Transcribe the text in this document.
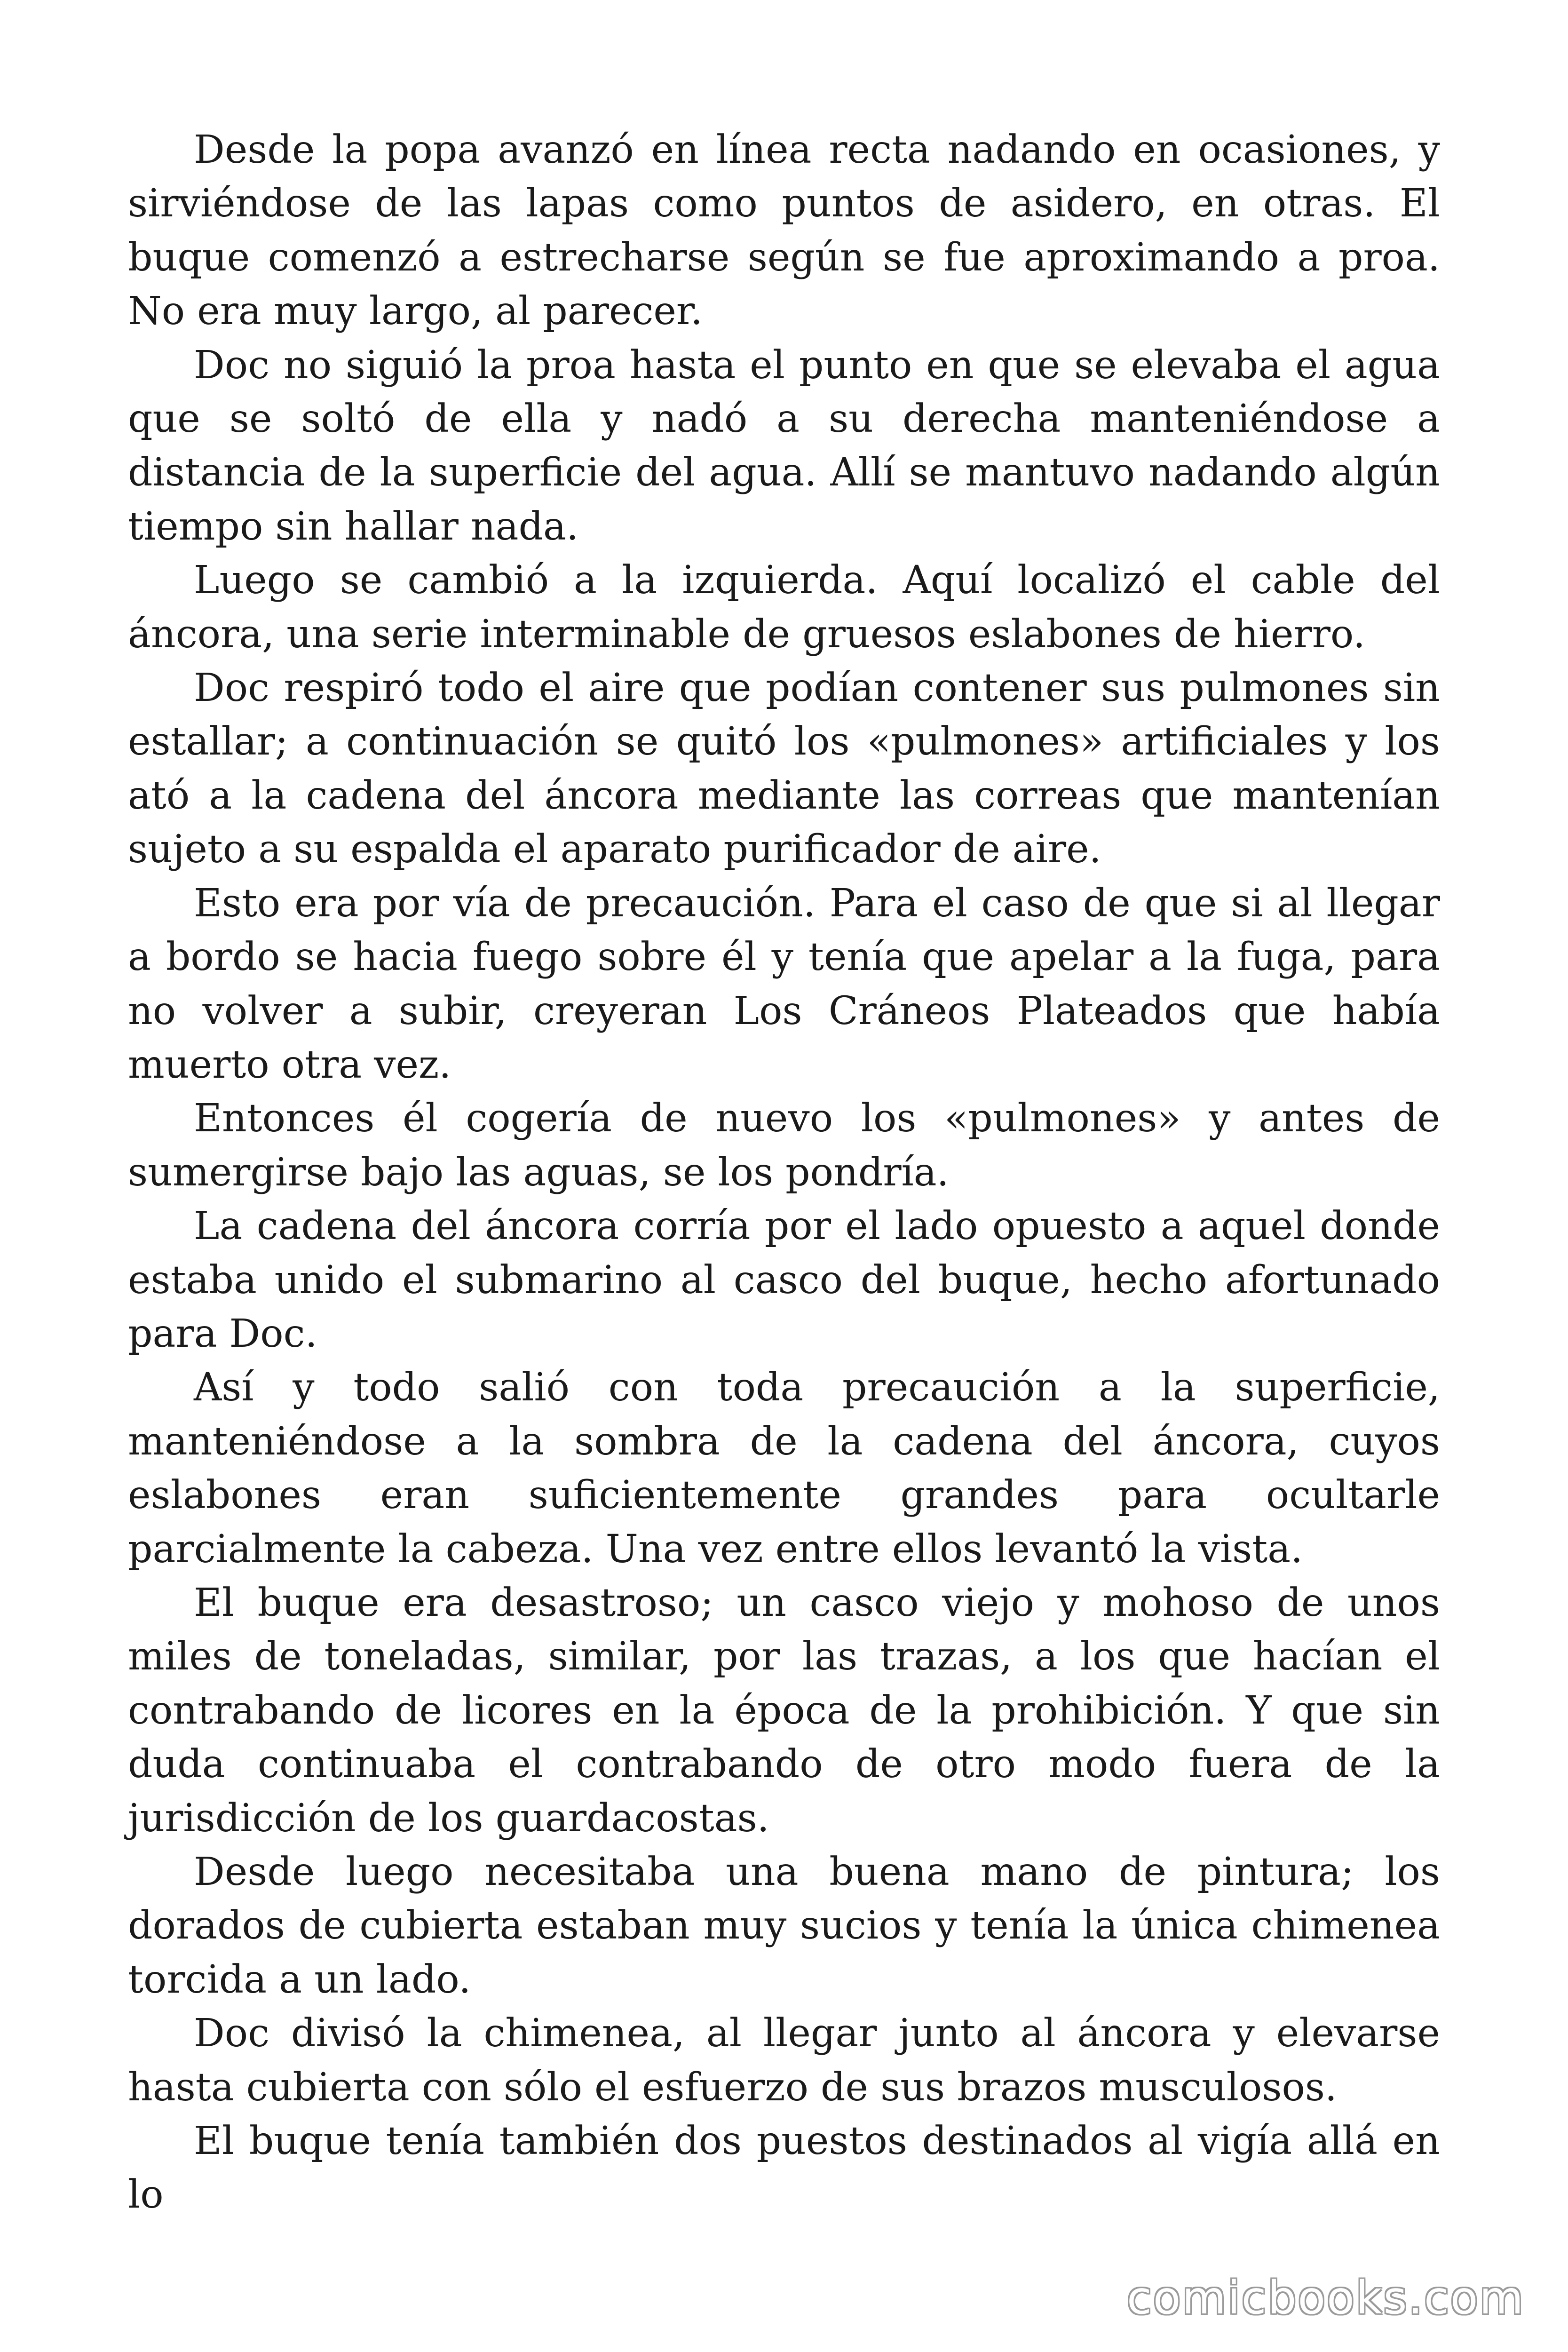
Desde la popa avanzó en línea recta nadando en ocasiones, y sirviéndose de las lapas como puntos de asidero, en otras. El buque comenzó a estrecharse según se fue aproximando a proa. No era muy largo, al parecer.

Doc no siguió la proa hasta el punto en que se elevaba el agua que se soltó de ella y nadó a su derecha manteniéndose a distancia de la superficie del agua. Allí se mantuvo nadando algún tiempo sin hallar nada.

Luego se cambió a la izquierda. Aquí localizó el cable del áncora, una serie interminable de gruesos eslabones de hierro.

Doc respiró todo el aire que podían contener sus pulmones sin estallar; a continuación se quitó los «pulmones» artificiales y los ató a la cadena del áncora mediante las correas que mantenían sujeto a su espalda el aparato purificador de aire.

Esto era por vía de precaución. Para el caso de que si al llegar a bordo se hacia fuego sobre él y tenía que apelar a la fuga, para no volver a subir, creyeran Los Cráneos Plateados que había muerto otra vez.

Entonces él cogería de nuevo los «pulmones» y antes de sumergirse bajo las aguas, se los pondría.

La cadena del áncora corría por el lado opuesto a aquel donde estaba unido el submarino al casco del buque, hecho afortunado para Doc.

Así y todo salió con toda precaución a la superficie, manteniéndose a la sombra de la cadena del áncora, cuyos eslabones eran suficientemente grandes para ocultarle parcialmente la cabeza. Una vez entre ellos levantó la vista.

El buque era desastroso; un casco viejo y mohoso de unos miles de toneladas, similar, por las trazas, a los que hacían el contrabando de licores en la época de la prohibición. Y que sin duda continuaba el contrabando de otro modo fuera de la jurisdicción de los guardacostas.

Desde luego necesitaba una buena mano de pintura; los dorados de cubierta estaban muy sucios y tenía la única chimenea torcida a un lado.

Doc divisó la chimenea, al llegar junto al áncora y elevarse hasta cubierta con sólo el esfuerzo de sus brazos musculosos.

El buque tenía también dos puestos destinados al vigía allá en lo

comicbooks.com
